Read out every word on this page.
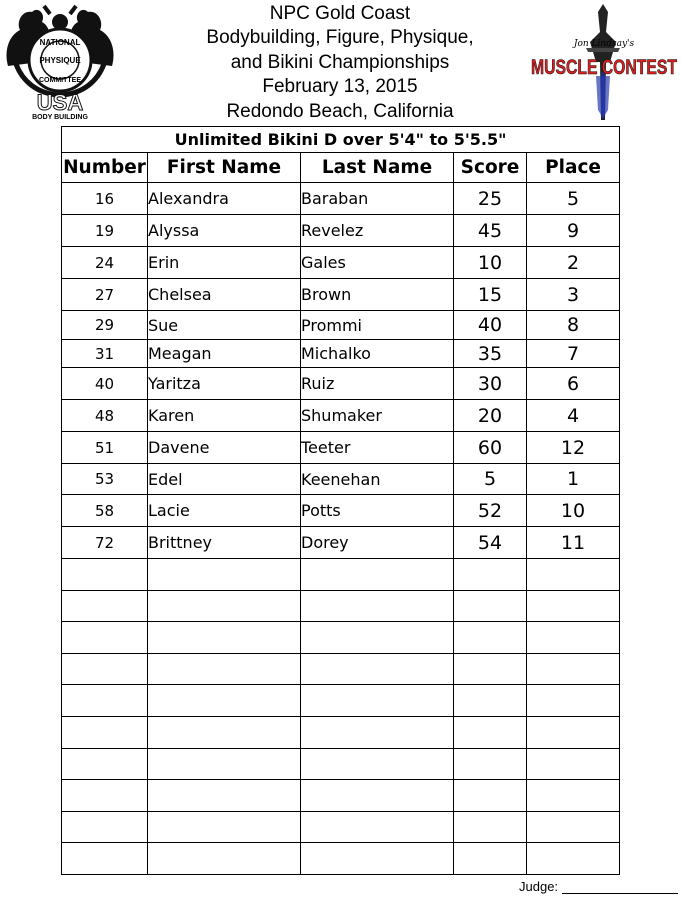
NATIONAL
PHYSIQUE
COMMITTEE
USA
BODY BUILDING
NPC Gold Coast
Bodybuilding, Figure, Physique,
and Bikini Championships
February 13, 2015
Redondo Beach, California
Jon Lindsay's
MUSCLE CONTEST
Unlimited Bikini D over 5'4" to 5'5.5"				
Number	First Name	Last Name	Score	Place
16	Alexandra	Baraban	25	5
19	Alyssa	Revelez	45	9
24	Erin	Gales	10	2
27	Chelsea	Brown	15	3
29	Sue	Prommi	40	8
31	Meagan	Michalko	35	7
40	Yaritza	Ruiz	30	6
48	Karen	Shumaker	20	4
51	Davene	Teeter	60	12
53	Edel	Keenehan	5	1
58	Lacie	Potts	52	10
72	Brittney	Dorey	54	11

Judge:
